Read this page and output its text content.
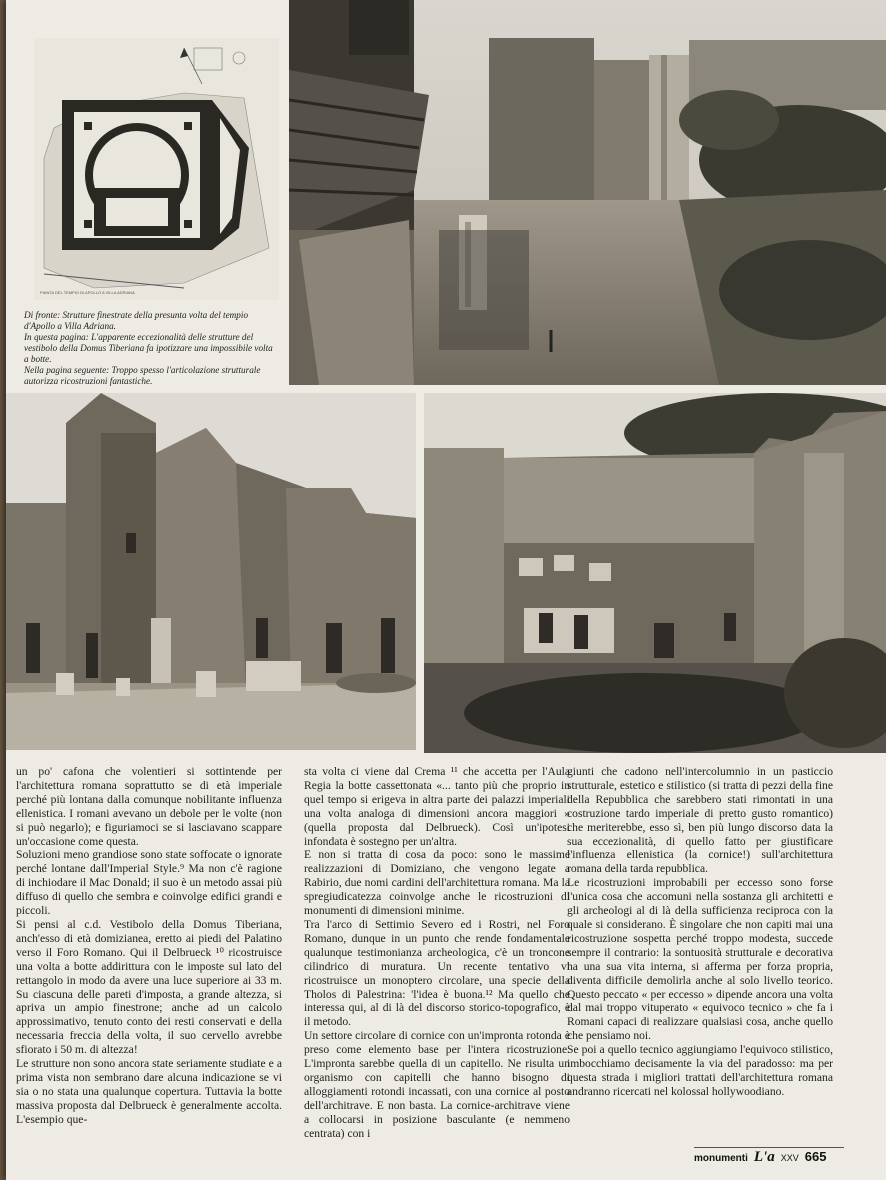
PIANTA DEL TEMPIO DI APOLLO A VILLA ADRIANA

Di fronte: Strutture finestrate della presunta volta del tempio d'Apollo a Villa Adriana.

In questa pagina: L'apparente eccezionalità delle strutture del vestibolo della Domus Tiberiana fa ipotizzare una impossibile volta a botte.

Nella pagina seguente: Troppo spesso l'articolazione strutturale autorizza ricostruzioni fantastiche.

un po' cafona che volentieri si sottintende per l'architettura romana soprattutto se di età imperiale perché più lontana dalla comunque nobilitante influenza ellenistica. I romani avevano un debole per le volte (non si può negarlo); e figuriamoci se si lasciavano scappare un'occasione come questa.

Soluzioni meno grandiose sono state soffocate o ignorate perché lontane dall'Imperial Style.⁹ Ma non c'è ragione di inchiodare il Mac Donald; il suo è un metodo assai più diffuso di quello che sembra e coinvolge edifici grandi e piccoli.

Si pensi al c.d. Vestibolo della Domus Tiberiana, anch'esso di età domizianea, eretto ai piedi del Palatino verso il Foro Romano. Qui il Delbrueck ¹⁰ ricostruisce una volta a botte addirittura con le imposte sul lato del rettangolo in modo da avere una luce superiore ai 33 m. Su ciascuna delle pareti d'imposta, a grande altezza, si apriva un ampio finestrone; anche ad un calcolo approssimativo, tenuto conto dei resti conservati e della necessaria freccia della volta, il suo cervello avrebbe sfiorato i 50 m. di altezza!

Le strutture non sono ancora state seriamente studiate e a prima vista non sembrano dare alcuna indicazione se vi sia o no stata una qualunque copertura. Tuttavia la botte massiva proposta dal Delbrueck è generalmente accolta. L'esempio que-

sta volta ci viene dal Crema ¹¹ che accetta per l'Aula Regia la botte cassettonata «... tanto più che proprio in quel tempo si erigeva in altra parte dei palazzi imperiali una volta analoga di dimensioni ancora maggiori » (quella proposta dal Delbrueck). Così un'ipotesi infondata è sostegno per un'altra.

E non si tratta di cosa da poco: sono le massime realizzazioni di Domiziano, che vengono legate a Rabirio, due nomi cardini dell'architettura romana. Ma la spregiudicatezza coinvolge anche le ricostruzioni di monumenti di dimensioni minime.

Tra l'arco di Settimio Severo ed i Rostri, nel Foro Romano, dunque in un punto che rende fondamentale qualunque testimonianza archeologica, c'è un troncone cilindrico di muratura. Un recente tentativo vi ricostruisce un monoptero circolare, una specie della Tholos di Palestrina: 'l'idea è buona.¹² Ma quello che interessa qui, al di là del discorso storico-topografico, è il metodo.

Un settore circolare di cornice con un'impronta rotonda è preso come elemento base per l'intera ricostruzione. L'impronta sarebbe quella di un capitello. Ne risulta un organismo con capitelli che hanno bisogno di alloggiamenti rotondi incassati, con una cornice al posto dell'architrave. E non basta. La cornice-architrave viene a collocarsi in posizione basculante (e nemmeno centrata) con i

giunti che cadono nell'intercolumnio in un pasticcio strutturale, estetico e stilistico (si tratta di pezzi della fine della Repubblica che sarebbero stati rimontati in una costruzione tardo imperiale di pretto gusto romantico) che meriterebbe, esso sì, ben più lungo discorso data la sua eccezionalità, di quello fatto per giustificare l'influenza ellenistica (la cornice!) sull'architettura romana della tarda repubblica.

Le ricostruzioni improbabili per eccesso sono forse l'unica cosa che accomuni nella sostanza gli architetti e gli archeologi al di là della sufficienza reciproca con la quale si considerano. È singolare che non capiti mai una ricostruzione sospetta perché troppo modesta, succede sempre il contrario: la sontuosità strutturale e decorativa ha una sua vita interna, si afferma per forza propria, diventa difficile demolirla anche al solo livello teorico. Questo peccato « per eccesso » dipende ancora una volta dal mai troppo vituperato « equivoco tecnico » che fa i Romani capaci di realizzare qualsiasi cosa, anche quello che pensiamo noi.

Se poi a quello tecnico aggiungiamo l'equivoco stilistico, imbocchiamo decisamente la via del paradosso: ma per questa strada i migliori trattati dell'architettura romana andranno ricercati nel kolossal hollywoodiano.

monumenti L'a XXV 665
